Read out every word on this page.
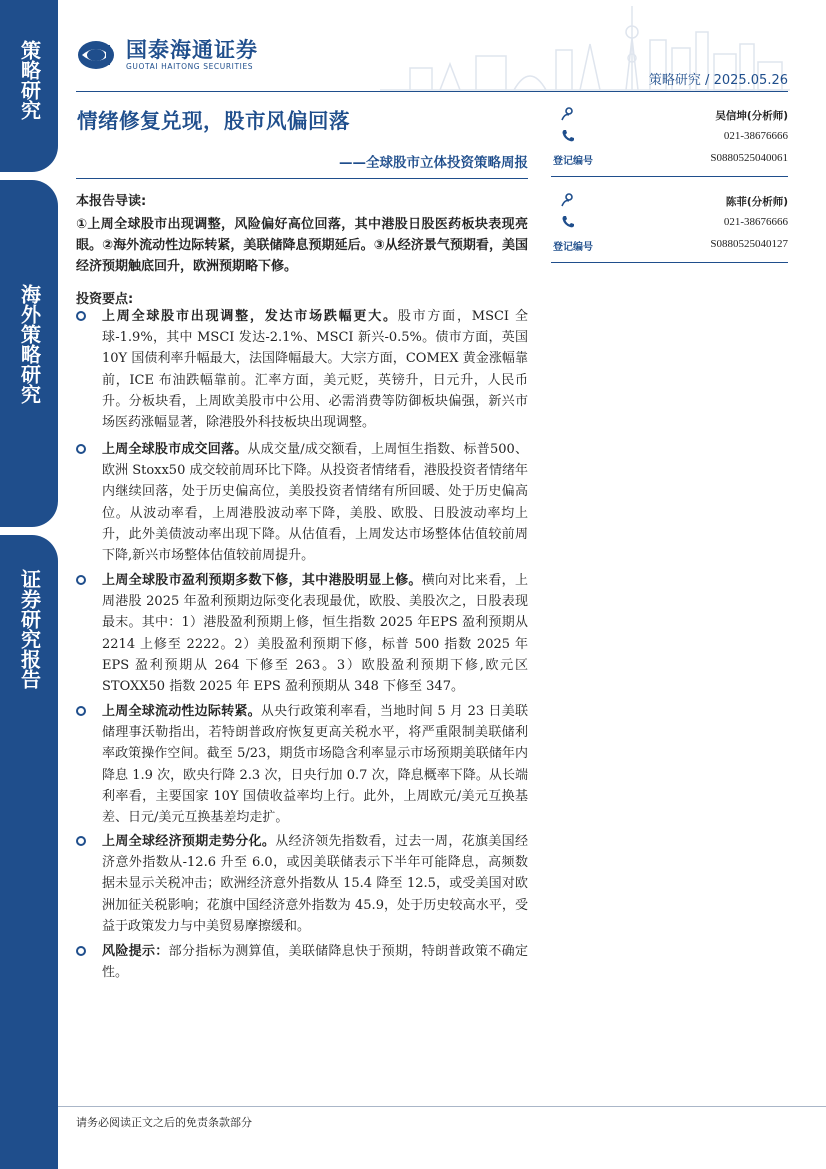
策略研究
海外策略研究
证券研究报告
国泰海通证券
GUOTAI HAITONG SECURITIES
策略研究 / 2025.05.26
情绪修复兑现，股市风偏回落
——全球股市立体投资策略周报
吴信坤(分析师)
021-38676666
登记编号	S0880525040061
陈菲(分析师)
021-38676666
登记编号	S0880525040127
本报告导读:
①上周全球股市出现调整，风险偏好高位回落，其中港股日股医药板块表现亮眼。②海外流动性边际转紧，美联储降息预期延后。③从经济景气预期看，美国经济预期触底回升，欧洲预期略下修。
投资要点:
上周全球股市出现调整，发达市场跌幅更大。股市方面，MSCI 全球-1.9%，其中 MSCI 发达-2.1%、MSCI 新兴-0.5%。债市方面，英国 10Y 国债利率升幅最大，法国降幅最大。大宗方面，COMEX 黄金涨幅靠前，ICE 布油跌幅靠前。汇率方面，美元贬，英镑升，日元升，人民币升。分板块看，上周欧美股市中公用、必需消费等防御板块偏强，新兴市场医药涨幅显著，除港股外科技板块出现调整。
上周全球股市成交回落。从成交量/成交额看，上周恒生指数、标普500、欧洲 Stoxx50 成交较前周环比下降。从投资者情绪看，港股投资者情绪年内继续回落，处于历史偏高位，美股投资者情绪有所回暖、处于历史偏高位。从波动率看，上周港股波动率下降，美股、欧股、日股波动率均上升，此外美债波动率出现下降。从估值看，上周发达市场整体估值较前周下降,新兴市场整体估值较前周提升。
上周全球股市盈利预期多数下修，其中港股明显上修。横向对比来看，上周港股 2025 年盈利预期边际变化表现最优，欧股、美股次之，日股表现最末。其中：1）港股盈利预期上修，恒生指数 2025 年EPS 盈利预期从 2214 上修至 2222。2）美股盈利预期下修，标普 500 指数 2025 年 EPS 盈利预期从 264 下修至 263。3）欧股盈利预期下修,欧元区 STOXX50 指数 2025 年 EPS 盈利预期从 348 下修至 347。
上周全球流动性边际转紧。从央行政策利率看，当地时间 5 月 23 日美联储理事沃勒指出，若特朗普政府恢复更高关税水平，将严重限制美联储利率政策操作空间。截至 5/23，期货市场隐含利率显示市场预期美联储年内降息 1.9 次，欧央行降 2.3 次，日央行加 0.7 次，降息概率下降。从长端利率看，主要国家 10Y 国债收益率均上行。此外，上周欧元/美元互换基差、日元/美元互换基差均走扩。
上周全球经济预期走势分化。从经济领先指数看，过去一周，花旗美国经济意外指数从-12.6 升至 6.0，或因美联储表示下半年可能降息，高频数据未显示关税冲击；欧洲经济意外指数从 15.4 降至 12.5，或受美国对欧洲加征关税影响；花旗中国经济意外指数为 45.9，处于历史较高水平，受益于政策发力与中美贸易摩擦缓和。
风险提示：部分指标为测算值，美联储降息快于预期，特朗普政策不确定性。
请务必阅读正文之后的免责条款部分
